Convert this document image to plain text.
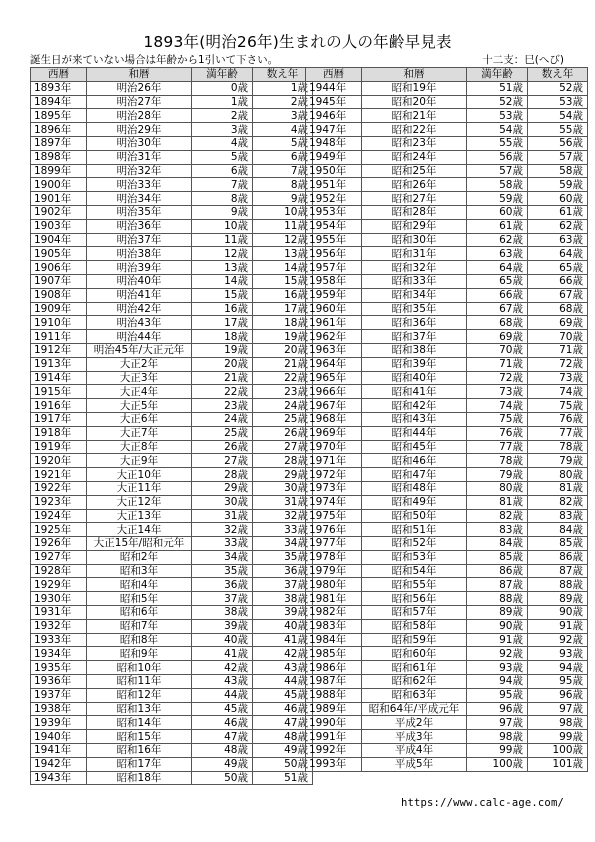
1893年(明治26年)生まれの人の年齢早見表
誕生日が来ていない場合は年齢から1引いて下さい。	十二支：巳(へび)
西暦	和暦	満年齢	数え年
1893年	明治26年	0歳	1歳
1894年	明治27年	1歳	2歳
1895年	明治28年	2歳	3歳
1896年	明治29年	3歳	4歳
1897年	明治30年	4歳	5歳
1898年	明治31年	5歳	6歳
1899年	明治32年	6歳	7歳
1900年	明治33年	7歳	8歳
1901年	明治34年	8歳	9歳
1902年	明治35年	9歳	10歳
1903年	明治36年	10歳	11歳
1904年	明治37年	11歳	12歳
1905年	明治38年	12歳	13歳
1906年	明治39年	13歳	14歳
1907年	明治40年	14歳	15歳
1908年	明治41年	15歳	16歳
1909年	明治42年	16歳	17歳
1910年	明治43年	17歳	18歳
1911年	明治44年	18歳	19歳
1912年	明治45年/大正元年	19歳	20歳
1913年	大正2年	20歳	21歳
1914年	大正3年	21歳	22歳
1915年	大正4年	22歳	23歳
1916年	大正5年	23歳	24歳
1917年	大正6年	24歳	25歳
1918年	大正7年	25歳	26歳
1919年	大正8年	26歳	27歳
1920年	大正9年	27歳	28歳
1921年	大正10年	28歳	29歳
1922年	大正11年	29歳	30歳
1923年	大正12年	30歳	31歳
1924年	大正13年	31歳	32歳
1925年	大正14年	32歳	33歳
1926年	大正15年/昭和元年	33歳	34歳
1927年	昭和2年	34歳	35歳
1928年	昭和3年	35歳	36歳
1929年	昭和4年	36歳	37歳
1930年	昭和5年	37歳	38歳
1931年	昭和6年	38歳	39歳
1932年	昭和7年	39歳	40歳
1933年	昭和8年	40歳	41歳
1934年	昭和9年	41歳	42歳
1935年	昭和10年	42歳	43歳
1936年	昭和11年	43歳	44歳
1937年	昭和12年	44歳	45歳
1938年	昭和13年	45歳	46歳
1939年	昭和14年	46歳	47歳
1940年	昭和15年	47歳	48歳
1941年	昭和16年	48歳	49歳
1942年	昭和17年	49歳	50歳
1943年	昭和18年	50歳	51歳
西暦	和暦	満年齢	数え年
1944年	昭和19年	51歳	52歳
1945年	昭和20年	52歳	53歳
1946年	昭和21年	53歳	54歳
1947年	昭和22年	54歳	55歳
1948年	昭和23年	55歳	56歳
1949年	昭和24年	56歳	57歳
1950年	昭和25年	57歳	58歳
1951年	昭和26年	58歳	59歳
1952年	昭和27年	59歳	60歳
1953年	昭和28年	60歳	61歳
1954年	昭和29年	61歳	62歳
1955年	昭和30年	62歳	63歳
1956年	昭和31年	63歳	64歳
1957年	昭和32年	64歳	65歳
1958年	昭和33年	65歳	66歳
1959年	昭和34年	66歳	67歳
1960年	昭和35年	67歳	68歳
1961年	昭和36年	68歳	69歳
1962年	昭和37年	69歳	70歳
1963年	昭和38年	70歳	71歳
1964年	昭和39年	71歳	72歳
1965年	昭和40年	72歳	73歳
1966年	昭和41年	73歳	74歳
1967年	昭和42年	74歳	75歳
1968年	昭和43年	75歳	76歳
1969年	昭和44年	76歳	77歳
1970年	昭和45年	77歳	78歳
1971年	昭和46年	78歳	79歳
1972年	昭和47年	79歳	80歳
1973年	昭和48年	80歳	81歳
1974年	昭和49年	81歳	82歳
1975年	昭和50年	82歳	83歳
1976年	昭和51年	83歳	84歳
1977年	昭和52年	84歳	85歳
1978年	昭和53年	85歳	86歳
1979年	昭和54年	86歳	87歳
1980年	昭和55年	87歳	88歳
1981年	昭和56年	88歳	89歳
1982年	昭和57年	89歳	90歳
1983年	昭和58年	90歳	91歳
1984年	昭和59年	91歳	92歳
1985年	昭和60年	92歳	93歳
1986年	昭和61年	93歳	94歳
1987年	昭和62年	94歳	95歳
1988年	昭和63年	95歳	96歳
1989年	昭和64年/平成元年	96歳	97歳
1990年	平成2年	97歳	98歳
1991年	平成3年	98歳	99歳
1992年	平成4年	99歳	100歳
1993年	平成5年	100歳	101歳
https://www.calc-age.com/
